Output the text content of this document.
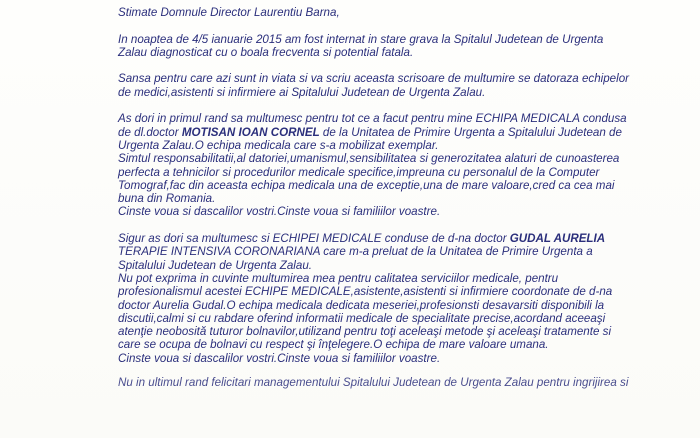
Stimate Domnule Director Laurentiu Barna,
In noaptea de 4/5 ianuarie 2015 am fost internat in stare grava la Spitalul Judetean de Urgenta
Zalau diagnosticat cu o boala frecventa si potential fatala.
Sansa pentru care azi sunt in viata si va scriu aceasta scrisoare de multumire se datoraza echipelor
de medici,asistenti si infirmiere ai Spitalului Judetean de Urgenta Zalau.
As dori in primul rand sa multumesc pentru tot ce a facut pentru mine ECHIPA MEDICALA condusa
de dl.doctor MOTISAN IOAN CORNEL de la Unitatea de Primire Urgenta a Spitalului Judetean de
Urgenta Zalau.O echipa medicala care s-a mobilizat exemplar.
Simtul responsabilitatii,al datoriei,umanismul,sensibilitatea si generozitatea alaturi de cunoasterea
perfecta a tehnicilor si procedurilor medicale specifice,impreuna cu personalul de la Computer
Tomograf,fac din aceasta echipa medicala una de exceptie,una de mare valoare,cred ca cea mai
buna din Romania.
Cinste voua si dascalilor vostri.Cinste voua si familiilor voastre.
Sigur as dori sa multumesc si ECHIPEI MEDICALE conduse de d-na doctor GUDAL AURELIA
TERAPIE INTENSIVA CORONARIANA care m-a preluat de la Unitatea de Primire Urgenta a
Spitalului Judetean de Urgenta Zalau.
Nu pot exprima in cuvinte multumirea mea pentru calitatea serviciilor medicale, pentru
profesionalismul acestei ECHIPE MEDICALE,asistente,asistenti si infirmiere coordonate de d-na
doctor Aurelia Gudal.O echipa medicala dedicata meseriei,profesionsti desavarsiti disponibili la
discutii,calmi si cu rabdare oferind informatii medicale de specialitate precise,acordand aceeaşi
atenţie neobosită tuturor bolnavilor,utilizand pentru toţi aceleaşi metode şi aceleaşi tratamente si
care se ocupa de bolnavi cu respect şi înţelegere.O echipa de mare valoare umana.
Cinste voua si dascalilor vostri.Cinste voua si familiilor voastre.
Nu in ultimul rand felicitari managementului Spitalului Judetean de Urgenta Zalau pentru ingrijirea si
